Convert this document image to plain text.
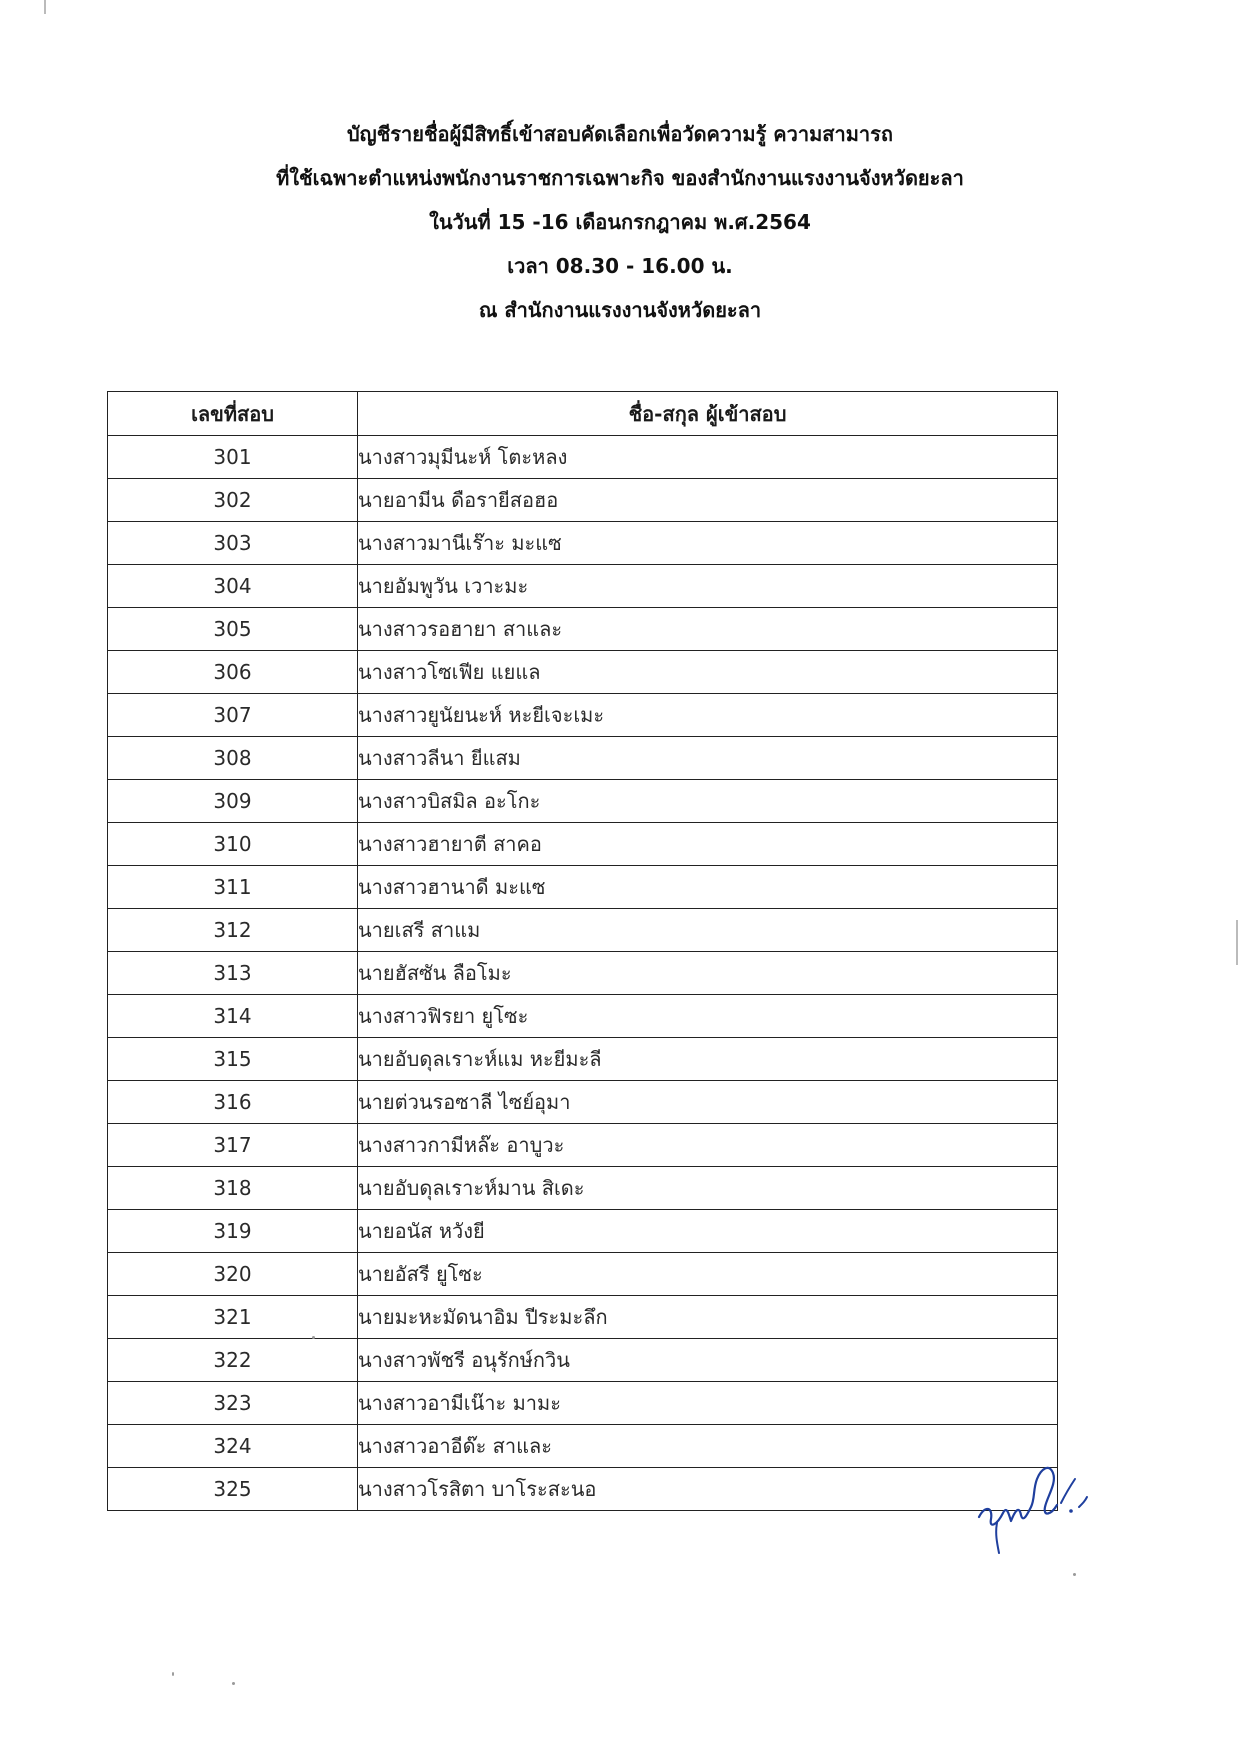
บัญชีรายชื่อผู้มีสิทธิ์เข้าสอบคัดเลือกเพื่อวัดความรู้ ความสามารถ
ที่ใช้เฉพาะตำแหน่งพนักงานราชการเฉพาะกิจ ของสำนักงานแรงงานจังหวัดยะลา
ในวันที่ 15 -16 เดือนกรกฎาคม พ.ศ.2564
เวลา 08.30 - 16.00 น.
ณ สำนักงานแรงงานจังหวัดยะลา
เลขที่สอบ	ชื่อ-สกุล ผู้เข้าสอบ
301	นางสาวมุมีนะห์ โตะหลง
302	นายอามีน ดือรายีสอฮอ
303	นางสาวมานีเร๊าะ มะแซ
304	นายอัมพูวัน เวาะมะ
305	นางสาวรอฮายา สาและ
306	นางสาวโซเฟีย แยแล
307	นางสาวยูนัยนะห์ หะยีเจะเมะ
308	นางสาวลีนา ยีแสม
309	นางสาวบิสมิล อะโกะ
310	นางสาวฮายาตี สาคอ
311	นางสาวฮานาดี มะแซ
312	นายเสรี สาแม
313	นายฮัสซัน ลือโมะ
314	นางสาวฟิรยา ยูโซะ
315	นายอับดุลเราะห์แม หะยีมะลี
316	นายต่วนรอซาลี ไซย์อุมา
317	นางสาวกามีหล๊ะ อาบูวะ
318	นายอับดุลเราะห์มาน สิเดะ
319	นายอนัส หวังยี
320	นายอัสรี ยูโซะ
321	นายมะหะมัดนาอิม ปีระมะลึก
322	นางสาวพัชรี อนุรักษ์กวิน
323	นางสาวอามีเน๊าะ มามะ
324	นางสาวอาอีด๊ะ สาและ
325	นางสาวโรสิตา บาโระสะนอ
